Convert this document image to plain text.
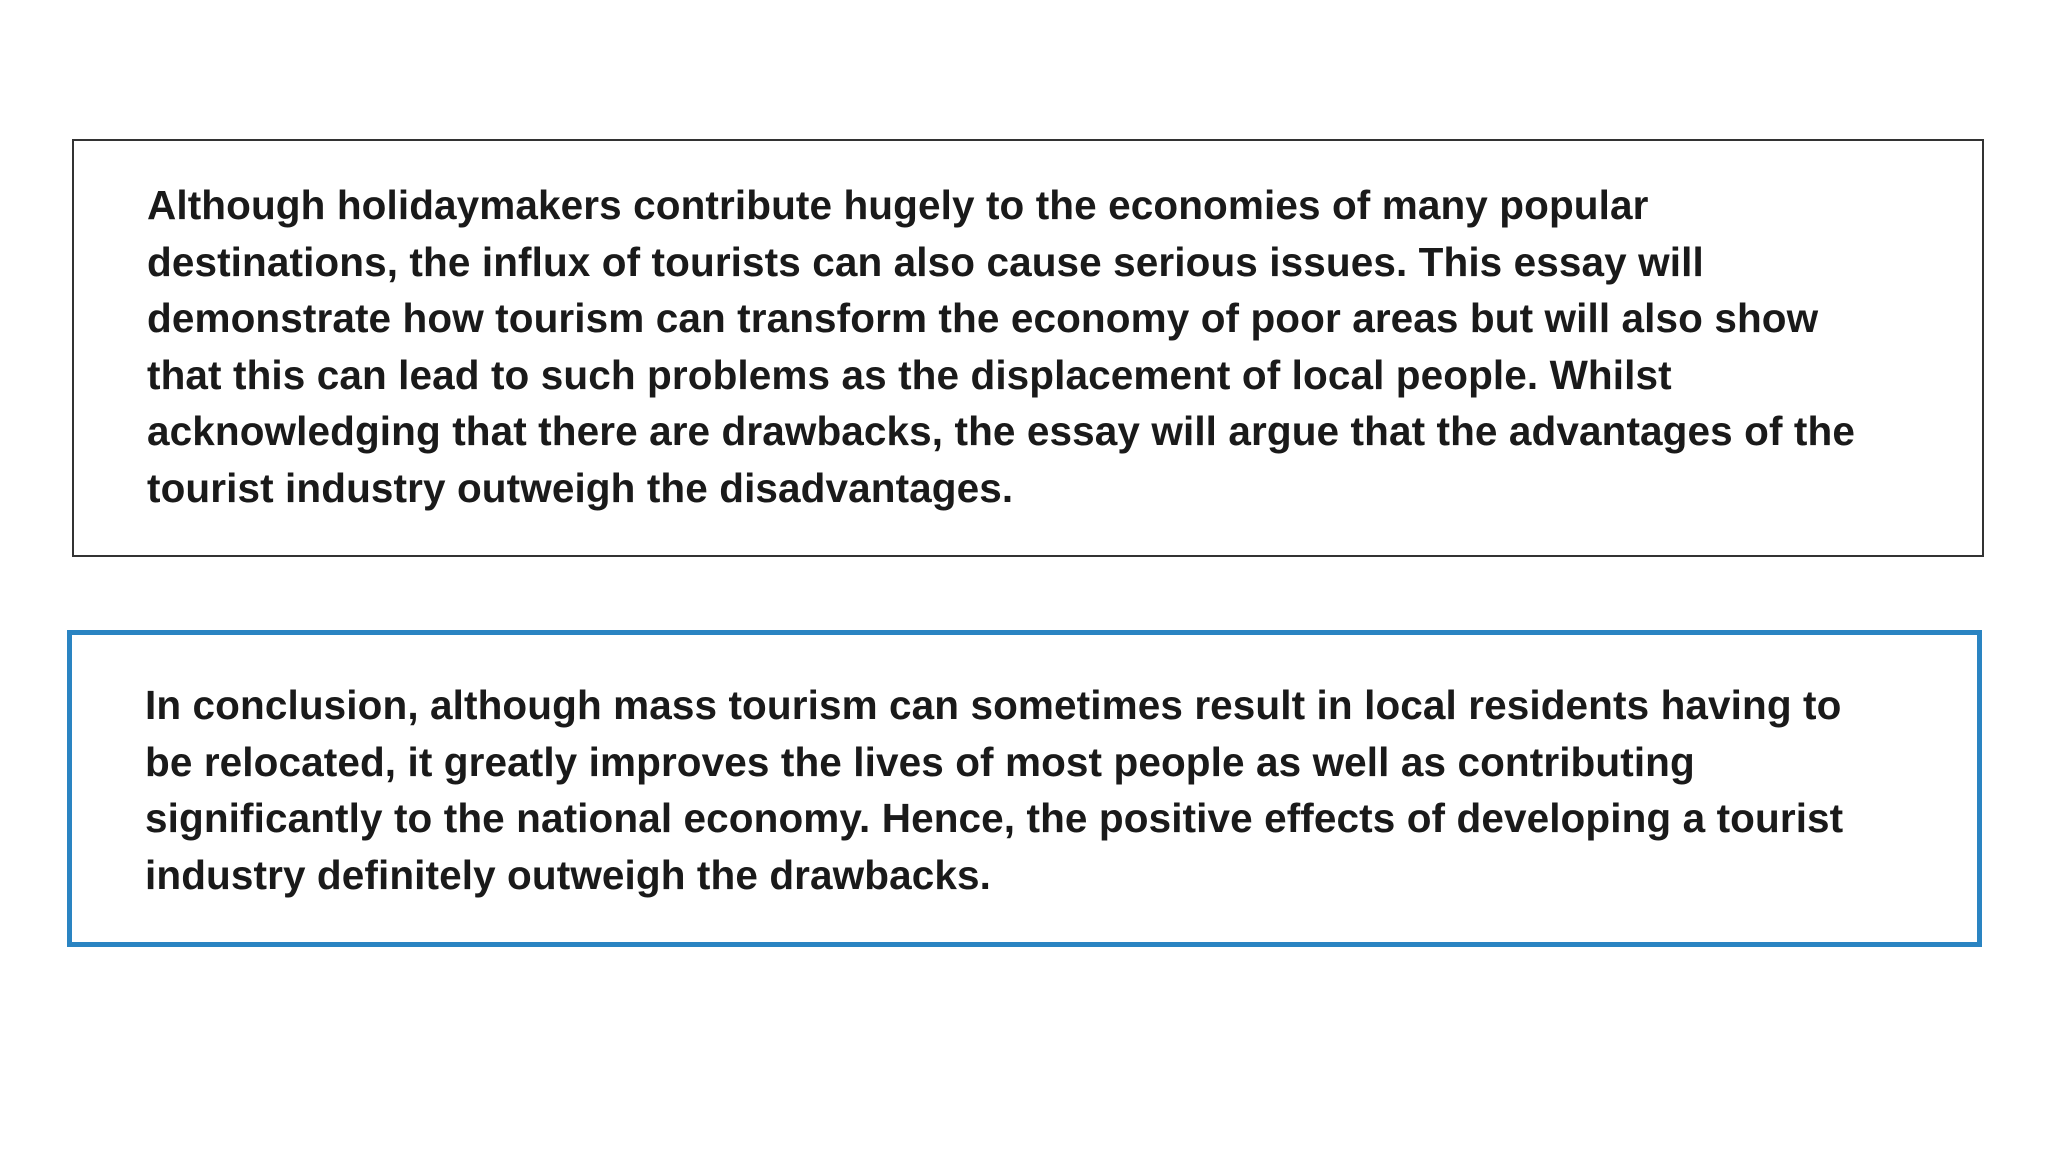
Although holidaymakers contribute hugely to the economies of many popular
destinations, the influx of tourists can also cause serious issues. This essay will
demonstrate how tourism can transform the economy of poor areas but will also show
that this can lead to such problems as the displacement of local people. Whilst
acknowledging that there are drawbacks, the essay will argue that the advantages of the
tourist industry outweigh the disadvantages.

In conclusion, although mass tourism can sometimes result in local residents having to
be relocated, it greatly improves the lives of most people as well as contributing
significantly to the national economy. Hence, the positive effects of developing a tourist
industry definitely outweigh the drawbacks.
